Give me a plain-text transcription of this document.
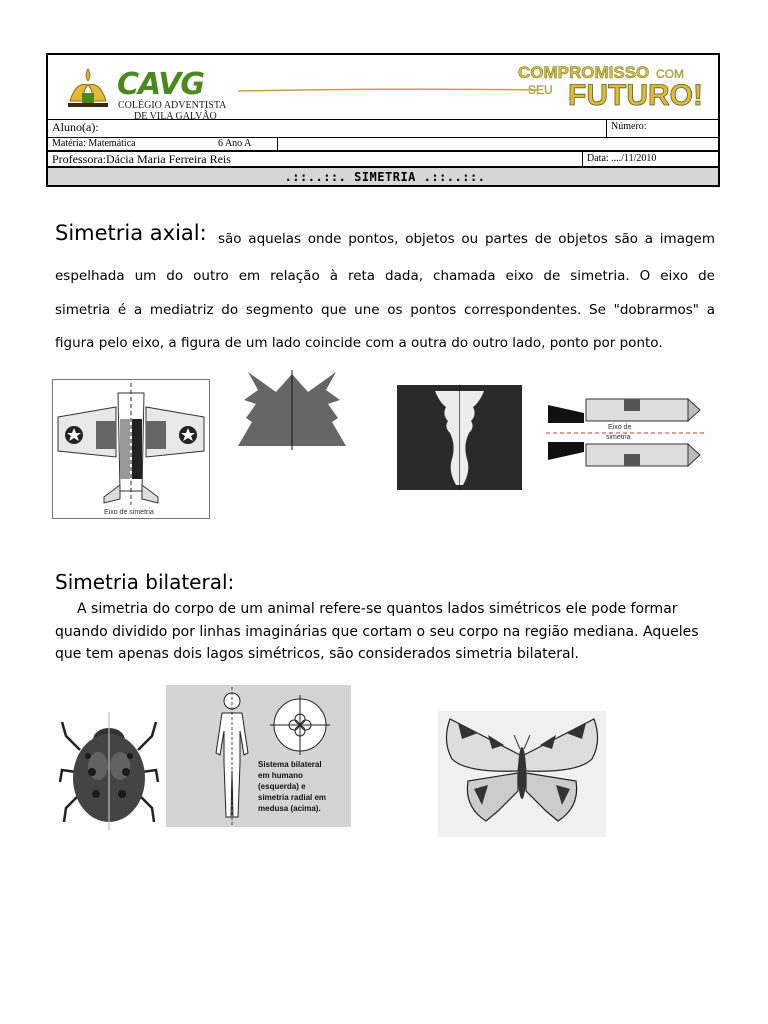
CAVG
COLÉGIO ADVENTISTA
DE VILA GALVÃO
COMPROMISSO COM
SEU FUTURO!
Aluno(a):	Número:
Matéria: Matemática	6 Ano A
Professora:Dácia Maria Ferreira Reis	Data: ..../11/2010
.::..::. SIMETRIA .::..::.
Simetria axial: são aquelas onde pontos, objetos ou partes de objetos são a imagem
espelhada um do outro em relação à reta dada, chamada eixo de simetria. O eixo de
simetria é a mediatriz do segmento que une os pontos correspondentes. Se "dobrarmos" a
figura pelo eixo, a figura de um lado coincide com a outra do outro lado, ponto por ponto.
Eixo de simetria
Eixo de
simetria
Simetria bilateral:
A simetria do corpo de um animal refere-se quantos lados simétricos ele pode formar
quando dividido por linhas imaginárias que cortam o seu corpo na região mediana. Aqueles
que tem apenas dois lagos simétricos, são considerados simetria bilateral.
Sistema bilateral
em humano
(esquerda) e
simetria radial em
medusa (acima).
